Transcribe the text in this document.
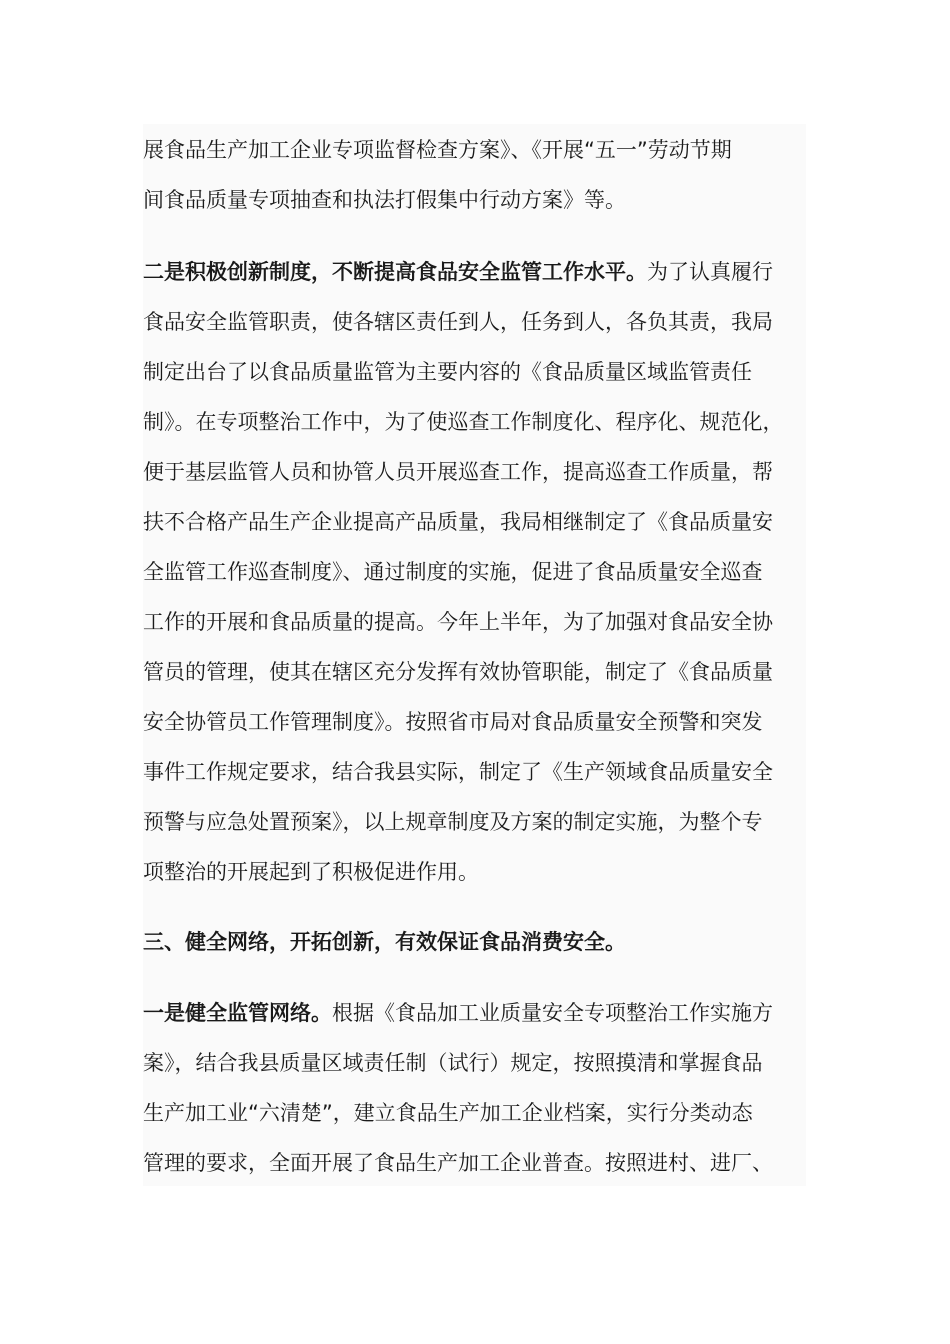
展食品生产加工企业专项监督检查方案》、《开展“五一”劳动节期
间食品质量专项抽查和执法打假集中行动方案》等。
二是积极创新制度，不断提高食品安全监管工作水平。为了认真履行
食品安全监管职责，使各辖区责任到人，任务到人，各负其责，我局
制定出台了以食品质量监管为主要内容的《食品质量区域监管责任
制》。在专项整治工作中，为了使巡查工作制度化、程序化、规范化，
便于基层监管人员和协管人员开展巡查工作，提高巡查工作质量，帮
扶不合格产品生产企业提高产品质量，我局相继制定了《食品质量安
全监管工作巡查制度》、通过制度的实施，促进了食品质量安全巡查
工作的开展和食品质量的提高。今年上半年，为了加强对食品安全协
管员的管理，使其在辖区充分发挥有效协管职能，制定了《食品质量
安全协管员工作管理制度》。按照省市局对食品质量安全预警和突发
事件工作规定要求，结合我县实际，制定了《生产领域食品质量安全
预警与应急处置预案》，以上规章制度及方案的制定实施，为整个专
项整治的开展起到了积极促进作用。
三、健全网络，开拓创新，有效保证食品消费安全。
一是健全监管网络。根据《食品加工业质量安全专项整治工作实施方
案》，结合我县质量区域责任制（试行）规定，按照摸清和掌握食品
生产加工业“六清楚”，建立食品生产加工企业档案，实行分类动态
管理的要求，全面开展了食品生产加工企业普查。按照进村、进厂、
